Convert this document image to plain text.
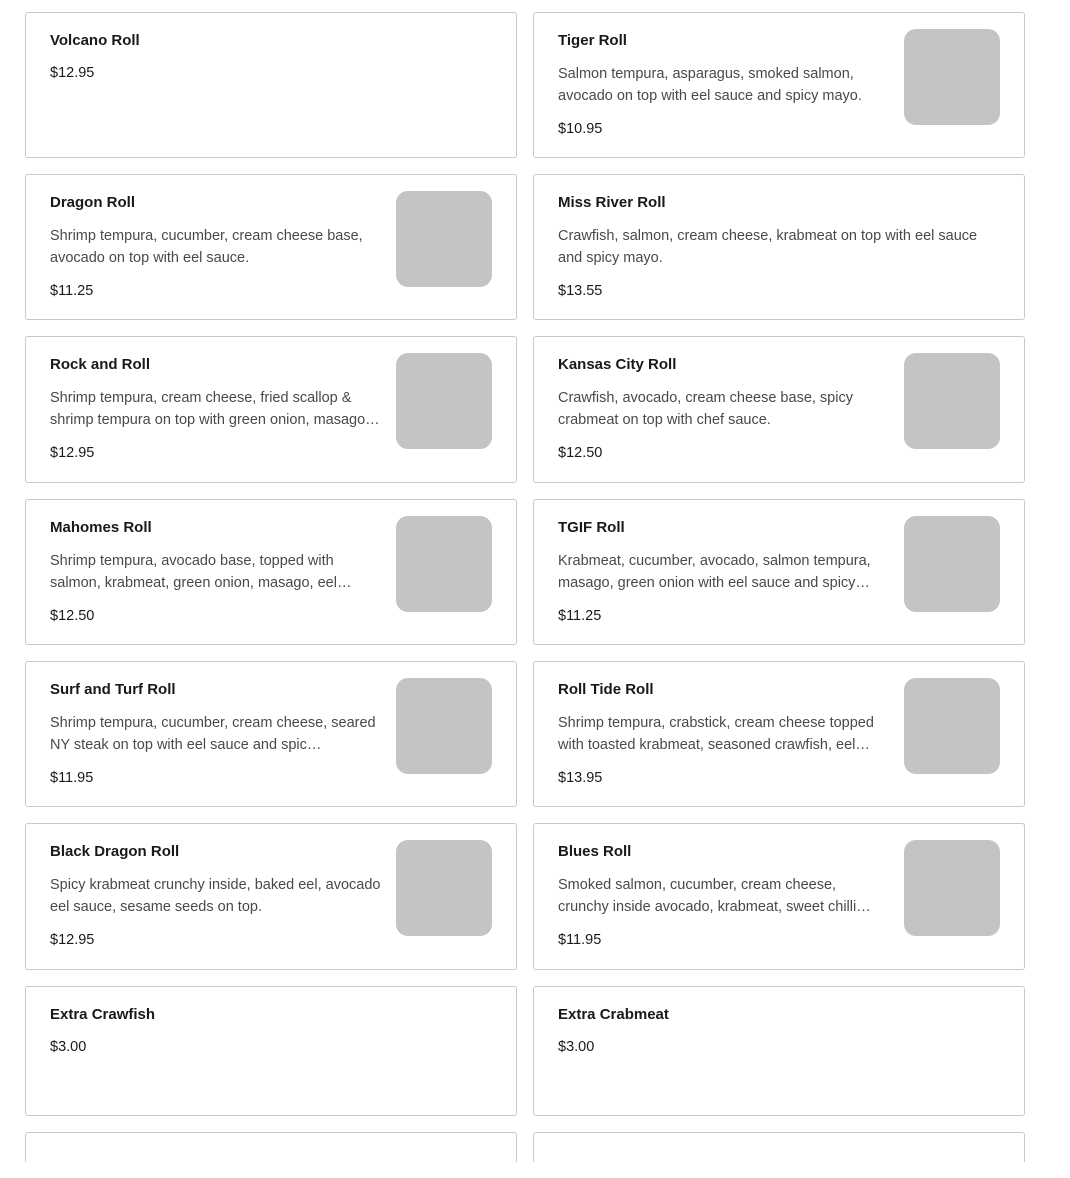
Volcano Roll
$12.95
Tiger Roll
Salmon tempura, asparagus, smoked salmon, avocado on top with eel sauce and spicy mayo.
$10.95
Dragon Roll
Shrimp tempura, cucumber, cream cheese base, avocado on top with eel sauce.
$11.25
Miss River Roll
Crawfish, salmon, cream cheese, krabmeat on top with eel sauce and spicy mayo.
$13.55
Rock and Roll
Shrimp tempura, cream cheese, fried scallop & shrimp tempura on top with green onion, masago…
$12.95
Kansas City Roll
Crawfish, avocado, cream cheese base, spicy crabmeat on top with chef sauce.
$12.50
Mahomes Roll
Shrimp tempura, avocado base, topped with salmon, krabmeat, green onion, masago, eel…
$12.50
TGIF Roll
Krabmeat, cucumber, avocado, salmon tempura, masago, green onion with eel sauce and spicy…
$11.25
Surf and Turf Roll
Shrimp tempura, cucumber, cream cheese, seared NY steak on top with eel sauce and spic…
$11.95
Roll Tide Roll
Shrimp tempura, crabstick, cream cheese topped with toasted krabmeat, seasoned crawfish, eel…
$13.95
Black Dragon Roll
Spicy krabmeat crunchy inside, baked eel, avocado eel sauce, sesame seeds on top.
$12.95
Blues Roll
Smoked salmon, cucumber, cream cheese, crunchy inside avocado, krabmeat, sweet chilli…
$11.95
Extra Crawfish
$3.00
Extra Crabmeat
$3.00
